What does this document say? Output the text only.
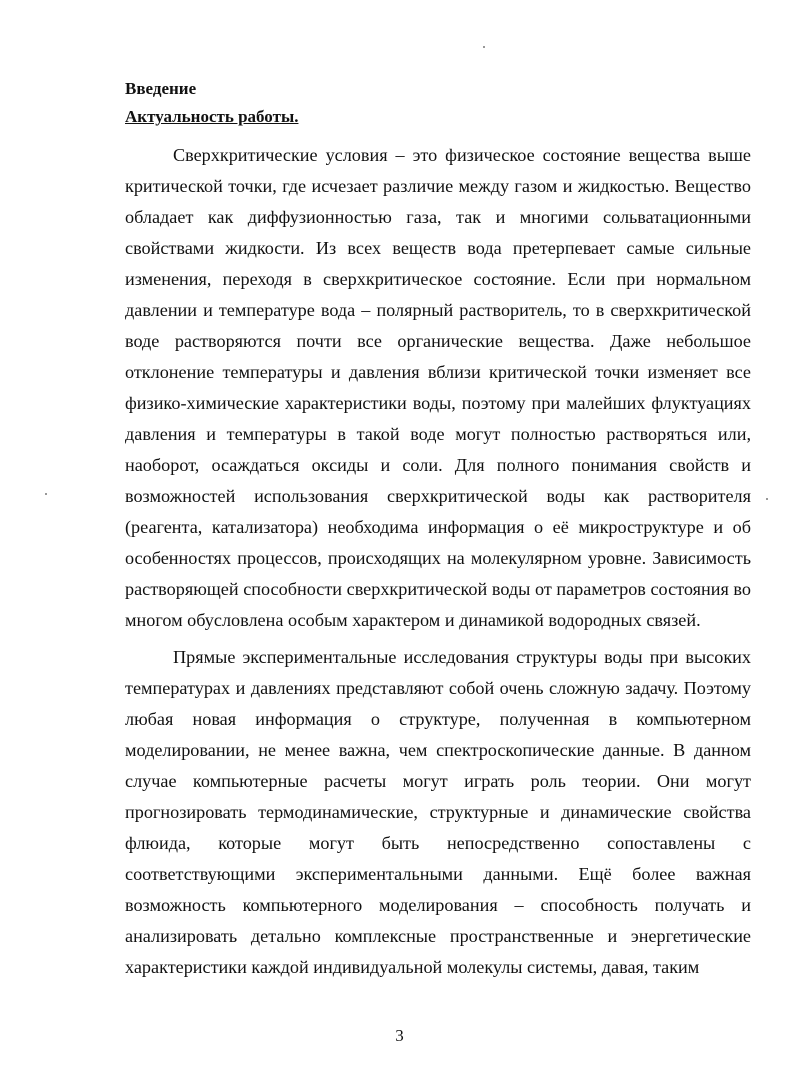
Введение
Актуальность работы.

Сверхкритические условия – это физическое состояние вещества выше критической точки, где исчезает различие между газом и жидкостью. Вещество обладает как диффузионностью газа, так и многими сольватационными свойствами жидкости. Из всех веществ вода претерпевает самые сильные изменения, переходя в сверхкритическое состояние. Если при нормальном давлении и температуре вода – полярный растворитель, то в сверхкритической воде растворяются почти все органические вещества. Даже небольшое отклонение температуры и давления вблизи критической точки изменяет все физико-химические характеристики воды, поэтому при малейших флуктуациях давления и температуры в такой воде могут полностью растворяться или, наоборот, осаждаться оксиды и соли. Для полного понимания свойств и возможностей использования сверхкритической воды как растворителя (реагента, катализатора) необходима информация о её микроструктуре и об особенностях процессов, происходящих на молекулярном уровне. Зависимость растворяющей способности сверхкритической воды от параметров состояния во многом обусловлена особым характером и динамикой водородных связей.

Прямые экспериментальные исследования структуры воды при высоких температурах и давлениях представляют собой очень сложную задачу. Поэтому любая новая информация о структуре, полученная в компьютерном моделировании, не менее важна, чем спектроскопические данные. В данном случае компьютерные расчеты могут играть роль теории. Они могут прогнозировать термодинамические, структурные и динамические свойства флюида, которые могут быть непосредственно сопоставлены с соответствующими экспериментальными данными. Ещё более важная возможность компьютерного моделирования – способность получать и анализировать детально комплексные пространственные и энергетические характеристики каждой индивидуальной молекулы системы, давая, таким

3
